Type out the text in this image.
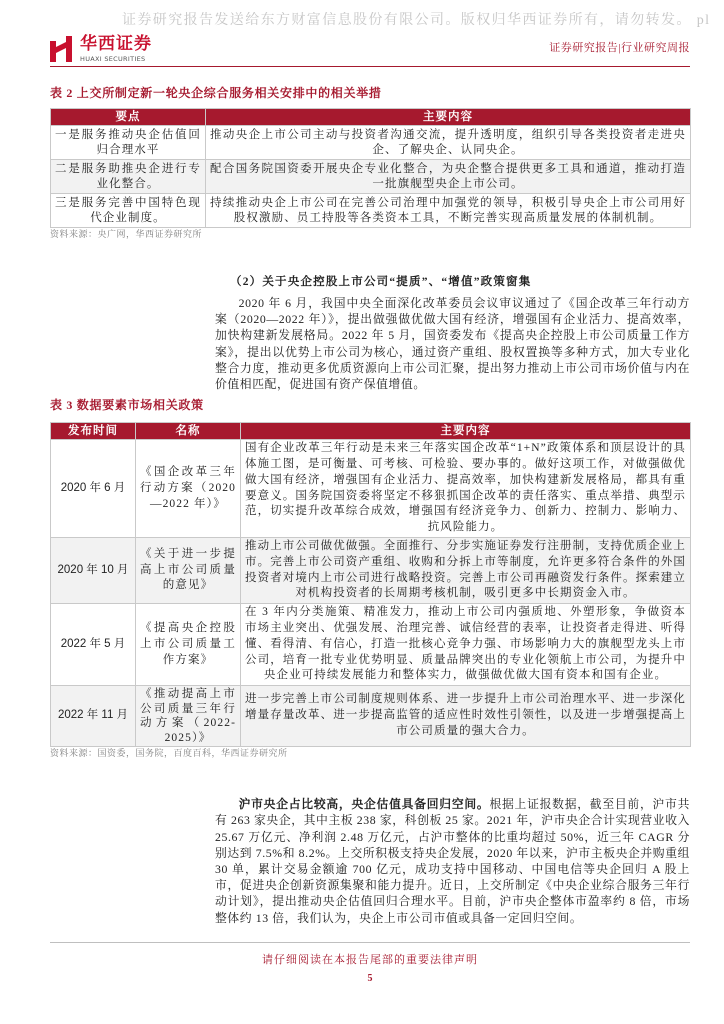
证券研究报告发送给东方财富信息股份有限公司。版权归华西证券所有，请勿转发。 pl
华西证券
HUAXI SECURITIES
证券研究报告|行业研究周报
表 2 上交所制定新一轮央企综合服务相关安排中的相关举措
要点	主要内容
一是服务推动央企估值回归合理水平	推动央企上市公司主动与投资者沟通交流，提升透明度，组织引导各类投资者走进央企、了解央企、认同央企。
二是服务助推央企进行专业化整合。	配合国务院国资委开展央企专业化整合，为央企整合提供更多工具和通道，推动打造一批旗舰型央企上市公司。
三是服务完善中国特色现代企业制度。	持续推动央企上市公司在完善公司治理中加强党的领导，积极引导央企上市公司用好股权激励、员工持股等各类资本工具，不断完善实现高质量发展的体制机制。
资料来源：央广网，华西证券研究所
（2）关于央企控股上市公司“提质”、“增值”政策窗集

2020 年 6 月，我国中央全面深化改革委员会议审议通过了《国企改革三年行动方案（2020—2022 年）》，提出做强做优做大国有经济，增强国有企业活力、提高效率，加快构建新发展格局。2022 年 5 月，国资委发布《提高央企控股上市公司质量工作方案》，提出以优势上市公司为核心，通过资产重组、股权置换等多种方式，加大专业化整合力度，推动更多优质资源向上市公司汇聚，提出努力推动上市公司市场价值与内在价值相匹配，促进国有资产保值增值。

表 3 数据要素市场相关政策
发布时间	名称	主要内容
2020 年 6 月	《国企改革三年行动方案（2020—2022 年）》	国有企业改革三年行动是未来三年落实国企改革“1+N”政策体系和顶层设计的具体施工图，是可衡量、可考核、可检验、要办事的。做好这项工作，对做强做优做大国有经济，增强国有企业活力、提高效率，加快构建新发展格局，都具有重要意义。国务院国资委将坚定不移狠抓国企改革的责任落实、重点举措、典型示范，切实提升改革综合成效，增强国有经济竞争力、创新力、控制力、影响力、抗风险能力。
2020 年 10 月	《关于进一步提高上市公司质量的意见》	推动上市公司做优做强。全面推行、分步实施证券发行注册制，支持优质企业上市。完善上市公司资产重组、收购和分拆上市等制度，允许更多符合条件的外国投资者对境内上市公司进行战略投资。完善上市公司再融资发行条件。探索建立对机构投资者的长周期考核机制，吸引更多中长期资金入市。
2022 年 5 月	《提高央企控股上市公司质量工作方案》	在 3 年内分类施策、精准发力，推动上市公司内强质地、外塑形象，争做资本市场主业突出、优强发展、治理完善、诚信经营的表率，让投资者走得进、听得懂、看得清、有信心，打造一批核心竞争力强、市场影响力大的旗舰型龙头上市公司，培育一批专业优势明显、质量品牌突出的专业化领航上市公司，为提升中央企业可持续发展能力和整体实力，做强做优做大国有资本和国有企业。
2022 年 11 月	《推动提高上市公司质量三年行动方案（2022-2025）》	进一步完善上市公司制度规则体系、进一步提升上市公司治理水平、进一步深化增量存量改革、进一步提高监管的适应性时效性引领性，以及进一步增强提高上市公司质量的强大合力。
资料来源：国资委，国务院，百度百科，华西证券研究所

沪市央企占比较高，央企估值具备回归空间。根据上证报数据，截至目前，沪市共有 263 家央企，其中主板 238 家，科创板 25 家。2021 年，沪市央企合计实现营业收入 25.67 万亿元、净利润 2.48 万亿元，占沪市整体的比重均超过 50%，近三年 CAGR 分别达到 7.5%和 8.2%。上交所积极支持央企发展，2020 年以来，沪市主板央企并购重组 30 单，累计交易金额逾 700 亿元，成功支持中国移动、中国电信等央企回归 A 股上市，促进央企创新资源集聚和能力提升。近日，上交所制定《中央企业综合服务三年行动计划》，提出推动央企估值回归合理水平。目前，沪市央企整体市盈率约 8 倍，市场整体约 13 倍，我们认为，央企上市公司市值或具备一定回归空间。

请仔细阅读在本报告尾部的重要法律声明
5
